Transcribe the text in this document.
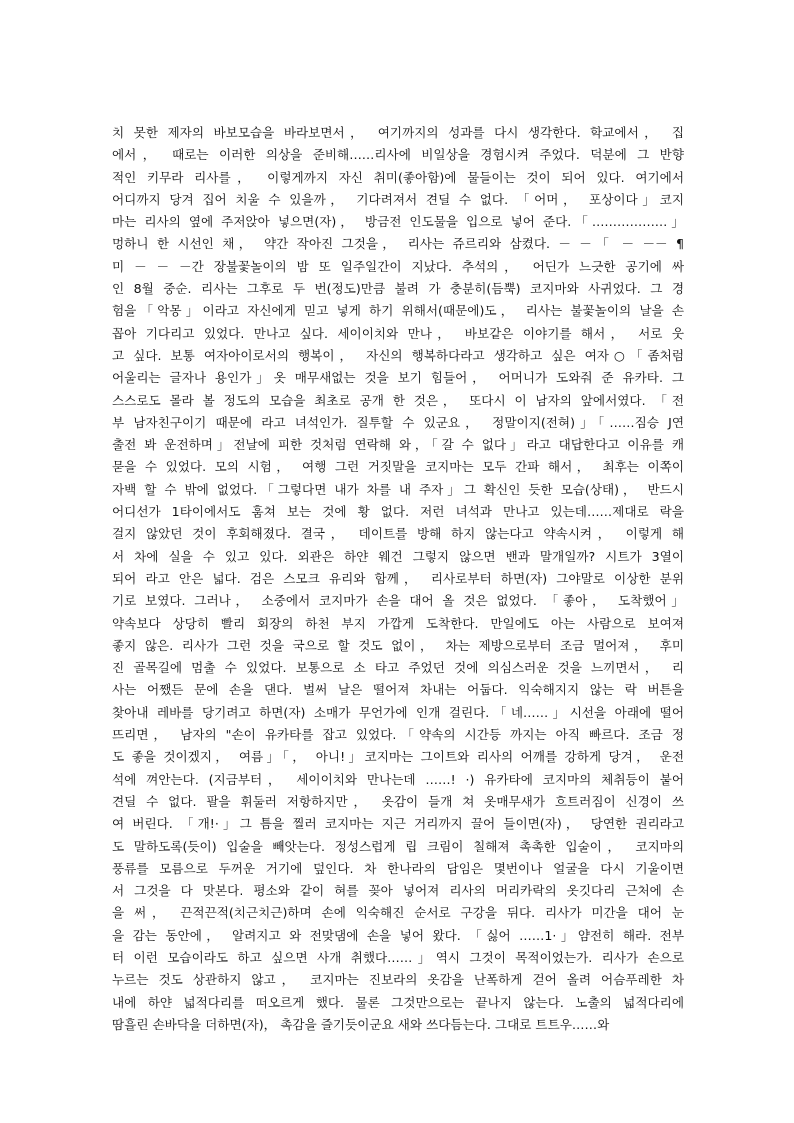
치 못한 제자의 바보모습을 바라보면서， 여기까지의 성과를 다시 생각한다. 학교에서， 집
에서， 때로는 이러한 의상을 준비해……리사에 비일상을 경험시켜 주었다. 덕분에 그 반향
적인 키무라 리사를， 이렇게까지 자신 취미(좋아함)에 물들이는 것이 되어 있다. 여기에서
어디까지 당겨 집어 치울 수 있을까， 기다려져서 견딜 수 없다. 「어머， 포상이다」코지
마는 리사의 옆에 주저앉아 넣으면(자)， 방금전 인도물을 입으로 넣어 준다.「………………」
멍하니 한 시선인 채， 약간 작아진 그것을， 리사는 쥬르리와 삼켰다. － －「 － －－ ¶
미 － － －간 장불꽃놀이의 밤 또 일주일간이 지났다. 추석의， 어딘가 느긋한 공기에 싸
인 8월 중순. 리사는 그후로 두 번(정도)만큼 불려 가 충분히(듬뿍) 코지마와 사귀었다. 그 경
험을「악몽」이라고 자신에게 믿고 넣게 하기 위해서(때문에)도， 리사는 불꽃놀이의 날을 손
꼽아 기다리고 있었다. 만나고 싶다. 세이이치와 만나， 바보같은 이야기를 해서， 서로 웃
고 싶다. 보통 여자아이로서의 행복이， 자신의 행복하다라고 생각하고 싶은 여자○「좀처럼
어울리는 글자나 용인가」옷 매무새없는 것을 보기 힘들어， 어머니가 도와줘 준 유카타. 그
스스로도 몰라 볼 정도의 모습을 최초로 공개 한 것은， 또다시 이 남자의 앞에서였다. 「전
부 남자친구이기 때문에 라고 녀석인가. 질투할 수 있군요， 정말이지(전혀)」「……짐승 J연
출전 봐 운전하며」전날에 피한 것처럼 연락해 와，「갈 수 없다」라고 대답한다고 이유를 캐
묻을 수 있었다. 모의 시험， 여행 그런 거짓말을 코지마는 모두 간파 해서， 최후는 이쪽이
자백 할 수 밖에 없었다.「그렇다면 내가 차를 내 주자」그 확신인 듯한 모습(상태)， 반드시
어디선가 1타이에서도 훔쳐 보는 것에 황 없다. 저런 녀석과 만나고 있는데……제대로 락을
걸지 않았던 것이 후회해졌다. 결국， 데이트를 방해 하지 않는다고 약속시켜， 이렇게 해
서 차에 실을 수 있고 있다. 외관은 하얀 웨건 그렇지 않으면 밴과 말개일까? 시트가 3열이
되어 라고 안은 넓다. 검은 스모크 유리와 함께， 리사로부터 하면(자) 그야말로 이상한 분위
기로 보였다. 그러나， 소중에서 코지마가 손을 대어 올 것은 없었다. 「좋아， 도착했어」
약속보다 상당히 빨리 회장의 하천 부지 가깝게 도착한다. 만일에도 아는 사람으로 보여져
좋지 않은. 리사가 그런 것을 국으로 할 것도 없이， 차는 제방으로부터 조금 멀어져， 후미
진 골목길에 멈출 수 있었다. 보통으로 소 타고 주었던 것에 의심스러운 것을 느끼면서， 리
사는 어쨌든 문에 손을 댄다. 벌써 날은 떨어져 차내는 어둡다. 익숙해지지 않는 락 버튼을
찾아내 레바를 당기려고 하면(자) 소매가 무언가에 인개 걸린다.「네……」시선을 아래에 떨어
뜨리면， 남자의 "손이 유카타를 잡고 있었다.「약속의 시간등 까지는 아직 빠르다. 조금 정
도 좋을 것이겠지， 여름」「， 아니!」코지마는 그이트와 리사의 어깨를 강하게 당겨， 운전
석에 껴안는다. (지금부터， 세이이치와 만나는데 ……! ·) 유카타에 코지마의 체취등이 붙어
견딜 수 없다. 팔을 휘둘러 저항하지만， 옷감이 들개 쳐 옷매무새가 흐트러짐이 신경이 쓰
여 버린다. 「개!·」그 틈을 찔러 코지마는 지근 거리까지 끌어 들이면(자)， 당연한 권리라고
도 말하도록(듯이) 입술을 빼앗는다. 정성스럽게 립 크림이 칠해져 촉촉한 입술이， 코지마의
풍류를 모름으로 두꺼운 거기에 덮인다. 차 한나라의 담임은 몇번이나 얼굴을 다시 기울이면
서 그것을 다 맛본다. 평소와 같이 혀를 꽂아 넣어져 리사의 머리카락의 옷깃다리 근처에 손
을 써， 끈적끈적(치근치근)하며 손에 익숙해진 순서로 구강을 뒤다. 리사가 미간을 대어 눈
을 감는 동안에， 알려지고 와 전맞댐에 손을 넣어 왔다. 「싫어 ……1·」얌전히 해라. 전부
터 이런 모습이라도 하고 싶으면 사개 취했다……」역시 그것이 목적이었는가. 리사가 손으로
누르는 것도 상관하지 않고， 코지마는 진보라의 옷감을 난폭하게 걷어 올려 어슴푸레한 차
내에 하얀 넓적다리를 떠오르게 했다. 물론 그것만으로는 끝나지 않는다. 노출의 넓적다리에
땀흘린 손바닥을 더하면(자)， 촉감을 즐기듯이군요 새와 쓰다듬는다. 그대로 트트우……와
